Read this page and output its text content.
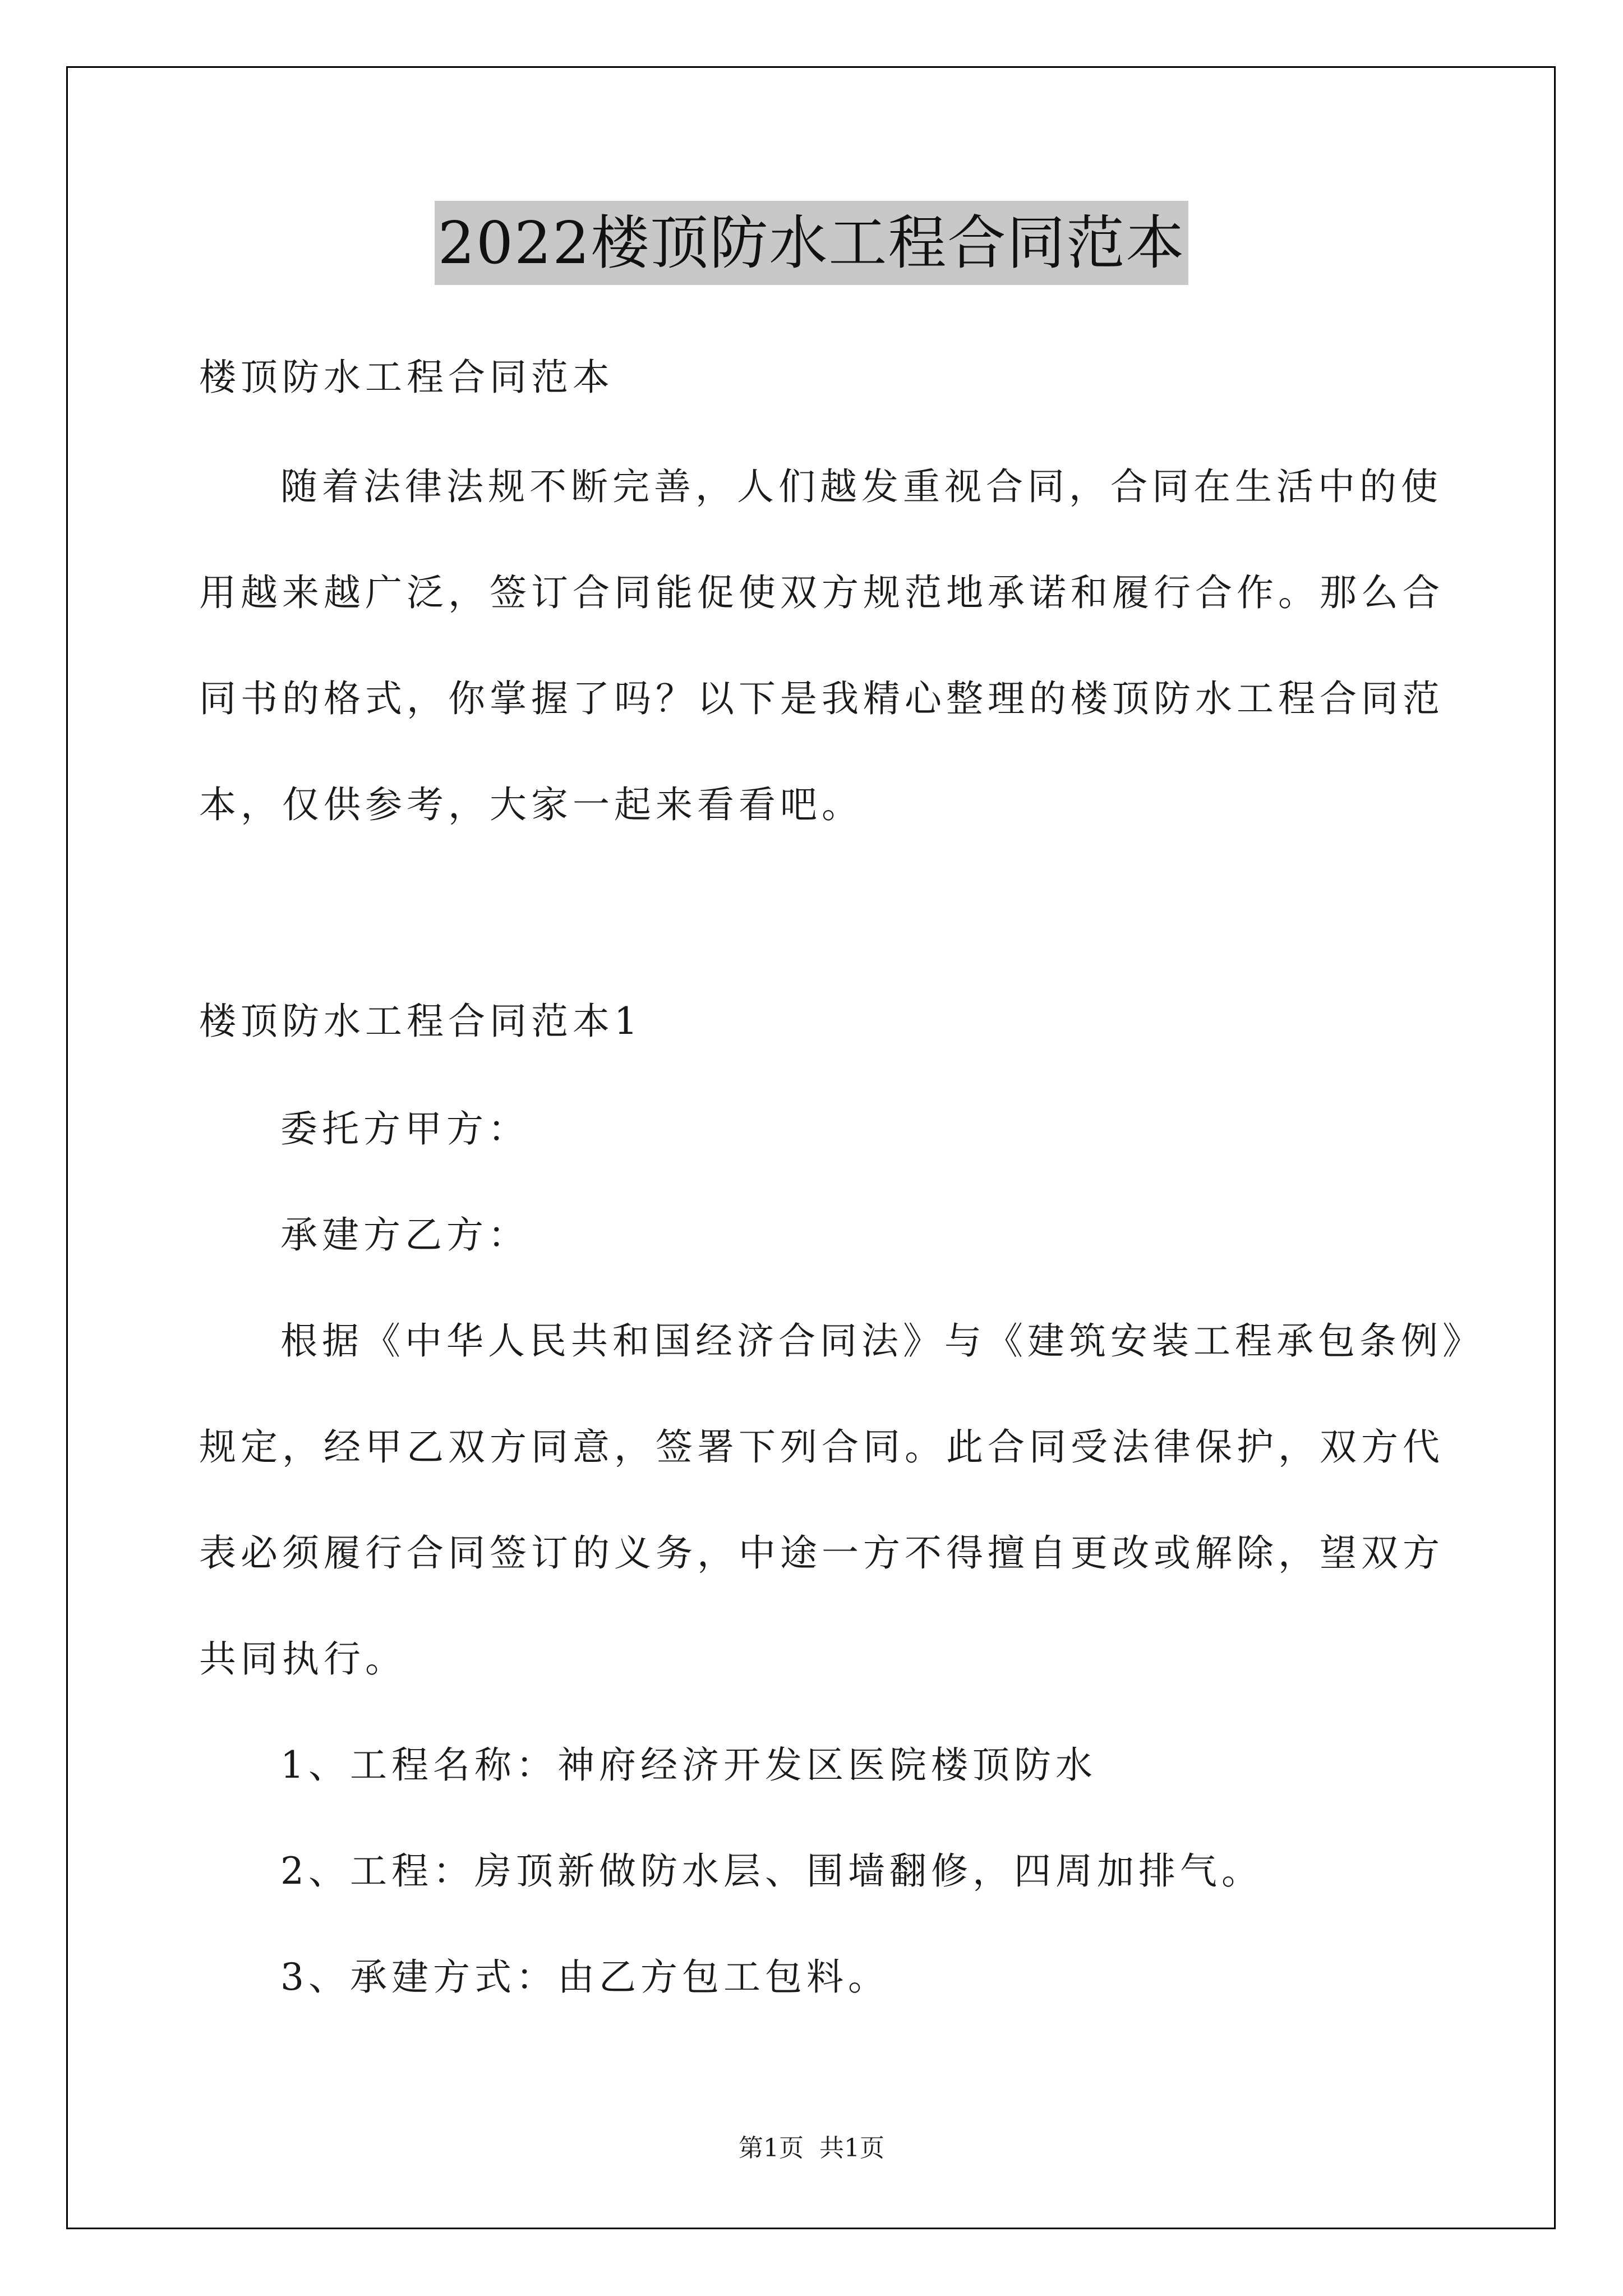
2022楼顶防水工程合同范本
楼顶防水工程合同范本
随着法律法规不断完善，人们越发重视合同，合同在生活中的使
用越来越广泛，签订合同能促使双方规范地承诺和履行合作。那么合
同书的格式，你掌握了吗？以下是我精心整理的楼顶防水工程合同范
本，仅供参考，大家一起来看看吧。
楼顶防水工程合同范本1
委托方甲方：
承建方乙方：
根据《中华人民共和国经济合同法》与《建筑安装工程承包条例》
规定，经甲乙双方同意，签署下列合同。此合同受法律保护，双方代
表必须履行合同签订的义务，中途一方不得擅自更改或解除，望双方
共同执行。
1、工程名称：神府经济开发区医院楼顶防水
2、工程：房顶新做防水层、围墙翻修，四周加排气。
3、承建方式：由乙方包工包料。
第1页 共1页
